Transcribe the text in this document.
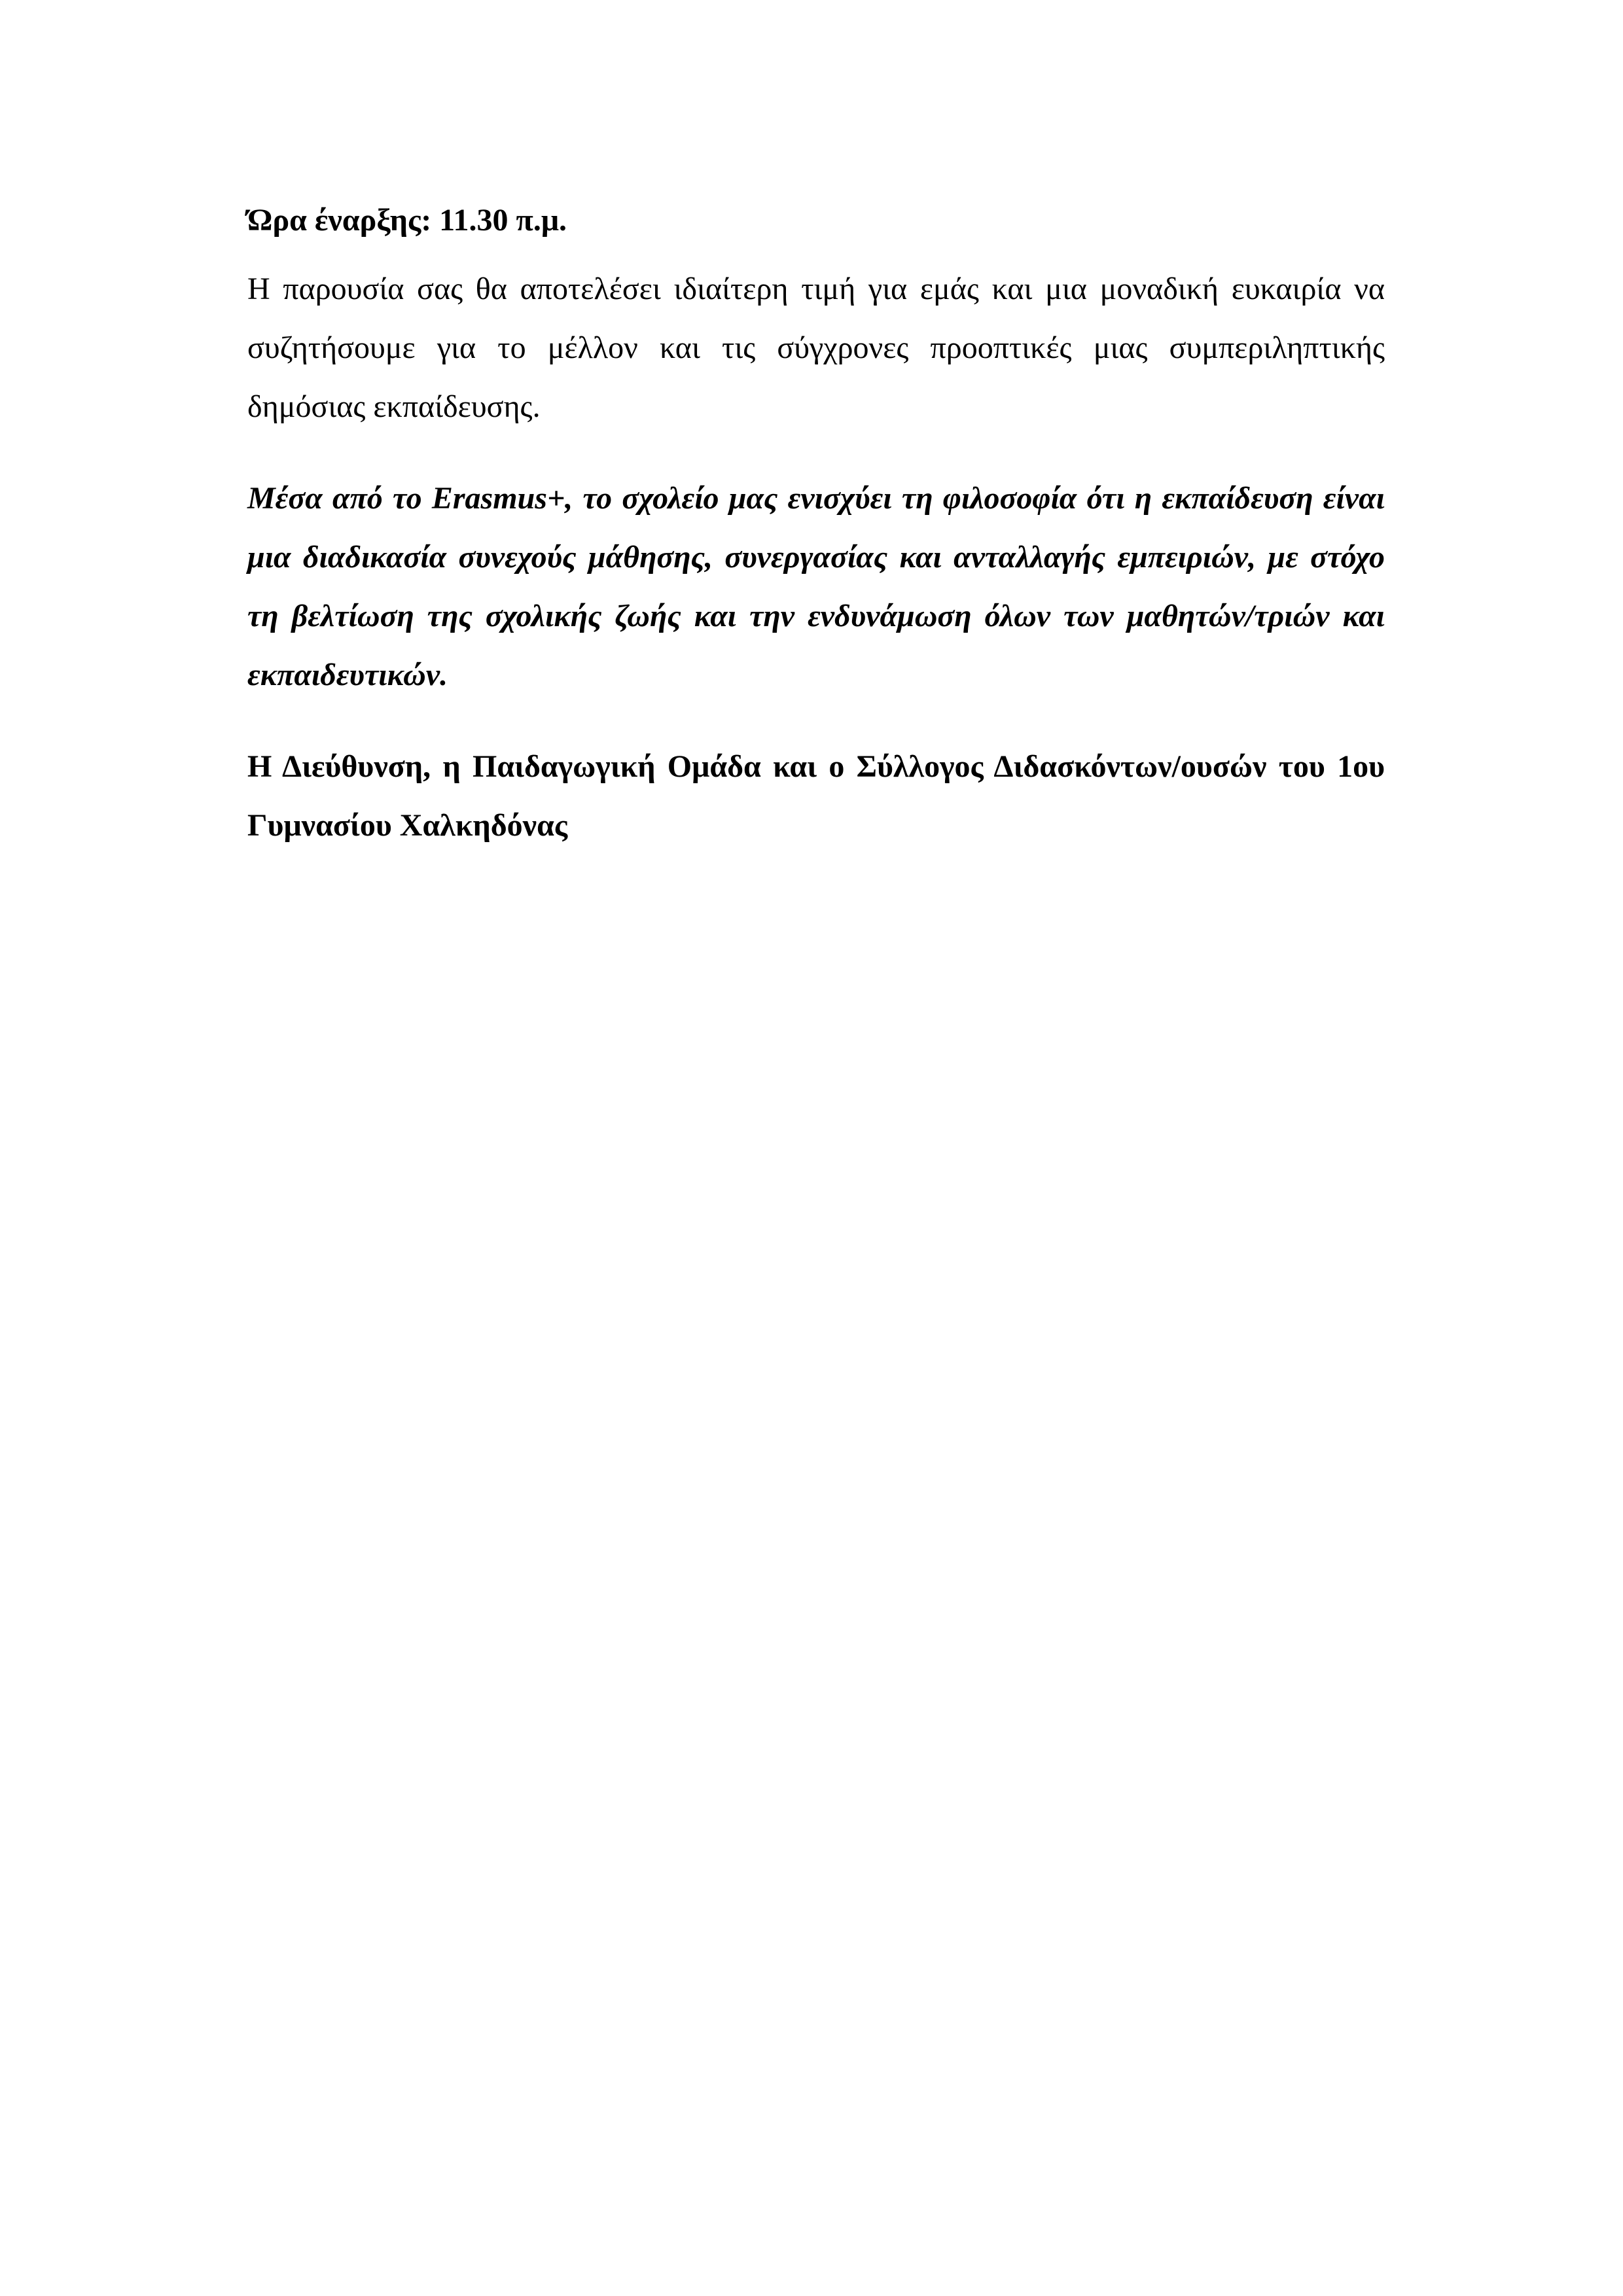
Ώρα έναρξης: 11.30 π.μ.

Η παρουσία σας θα αποτελέσει ιδιαίτερη τιμή για εμάς και μια μοναδική ευκαιρία να συζητήσουμε για το μέλλον και τις σύγχρονες προοπτικές μιας συμπεριληπτικής δημόσιας εκπαίδευσης.

Μέσα από το Erasmus+, το σχολείο μας ενισχύει τη φιλοσοφία ότι η εκπαίδευση είναι μια διαδικασία συνεχούς μάθησης, συνεργασίας και ανταλλαγής εμπειριών, με στόχο τη βελτίωση της σχολικής ζωής και την ενδυνάμωση όλων των μαθητών/τριών και εκπαιδευτικών.

Η Διεύθυνση, η Παιδαγωγική Ομάδα και ο Σύλλογος Διδασκόντων/ουσών του 1ου Γυμνασίου Χαλκηδόνας
